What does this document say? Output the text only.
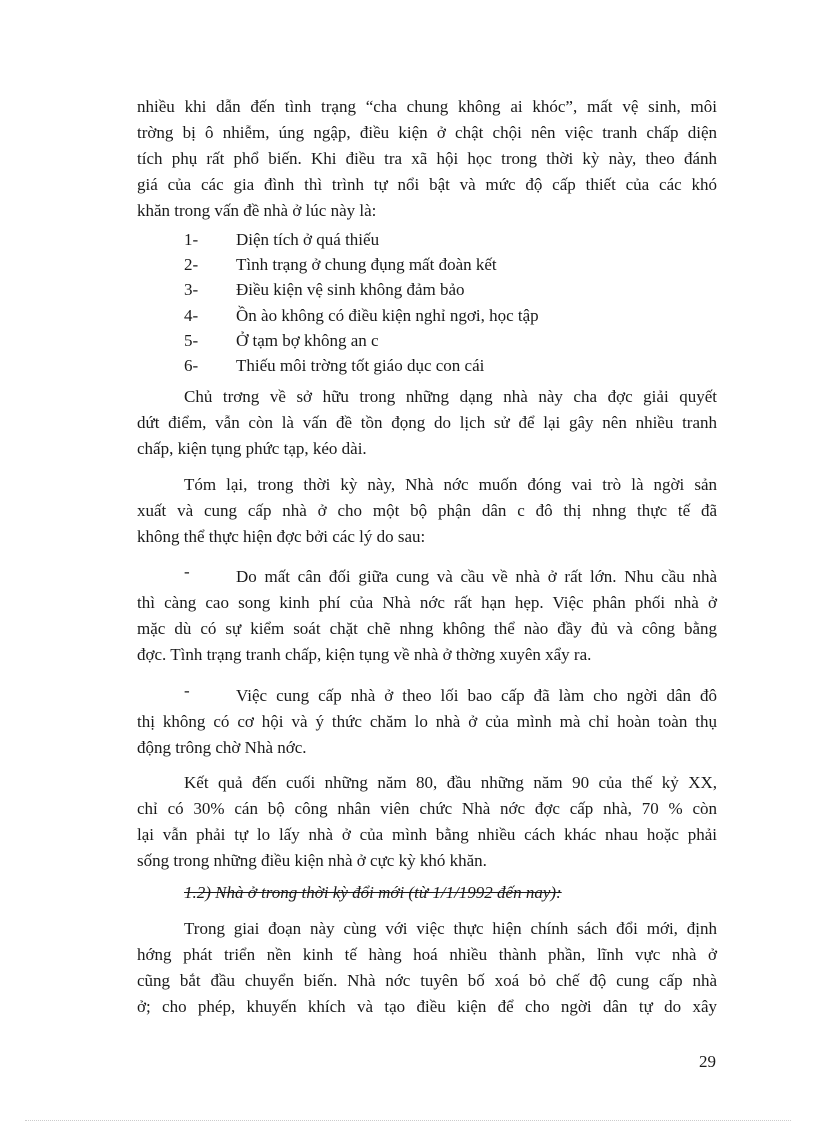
nhiều khi dẫn đến tình trạng “cha chung không ai khóc”, mất vệ sinh, môi
trờng bị ô nhiễm, úng ngập, điều kiện ở chật chội nên việc tranh chấp diện
tích phụ rất phổ biến. Khi điều tra xã hội học trong thời kỳ này, theo đánh
giá của các gia đình thì trình tự nổi bật và mức độ cấp thiết của các khó
khăn trong vấn đề nhà ở lúc này là:
1- Diện tích ở quá thiếu
2- Tình trạng ở chung đụng mất đoàn kết
3- Điều kiện vệ sinh không đảm bảo
4- Ồn ào không có điều kiện nghỉ ngơi, học tập
5- Ở tạm bợ không an c
6- Thiếu môi trờng tốt giáo dục con cái
Chủ trơng về sở hữu trong những dạng nhà này cha đợc giải quyết
dứt điểm, vẫn còn là vấn đề tồn đọng do lịch sử để lại gây nên nhiều tranh
chấp, kiện tụng phức tạp, kéo dài.
Tóm lại, trong thời kỳ này, Nhà nớc muốn đóng vai trò là ngời sản
xuất và cung cấp nhà ở cho một bộ phận dân c đô thị nhng thực tế đã
không thể thực hiện đợc bởi các lý do sau:
-	Do mất cân đối giữa cung và cầu về nhà ở rất lớn. Nhu cầu nhà
thì càng cao song kinh phí của Nhà nớc rất hạn hẹp. Việc phân phối nhà ở
mặc dù có sự kiểm soát chặt chẽ nhng không thể nào đầy đủ và công bằng
đợc. Tình trạng tranh chấp, kiện tụng về nhà ở thờng xuyên xẩy ra.
-	Việc cung cấp nhà ở theo lối bao cấp đã làm cho ngời dân đô
thị không có cơ hội và ý thức chăm lo nhà ở của mình mà chỉ hoàn toàn thụ
động trông chờ Nhà nớc.
Kết quả đến cuối những năm 80, đầu những năm 90 của thế kỷ XX,
chỉ có 30% cán bộ công nhân viên chức Nhà nớc đợc cấp nhà, 70 % còn
lại vẫn phải tự lo lấy nhà ở của mình bằng nhiều cách khác nhau hoặc phải
sống trong những điều kiện nhà ở cực kỳ khó khăn.
1.2) Nhà ở trong thời kỳ đổi mới (từ 1/1/1992 đến nay):
Trong giai đoạn này cùng với việc thực hiện chính sách đổi mới, định
hớng phát triển nền kinh tế hàng hoá nhiều thành phần, lĩnh vực nhà ở
cũng bắt đầu chuyển biến. Nhà nớc tuyên bố xoá bỏ chế độ cung cấp nhà
ở; cho phép, khuyến khích và tạo điều kiện để cho ngời dân tự do xây
29
